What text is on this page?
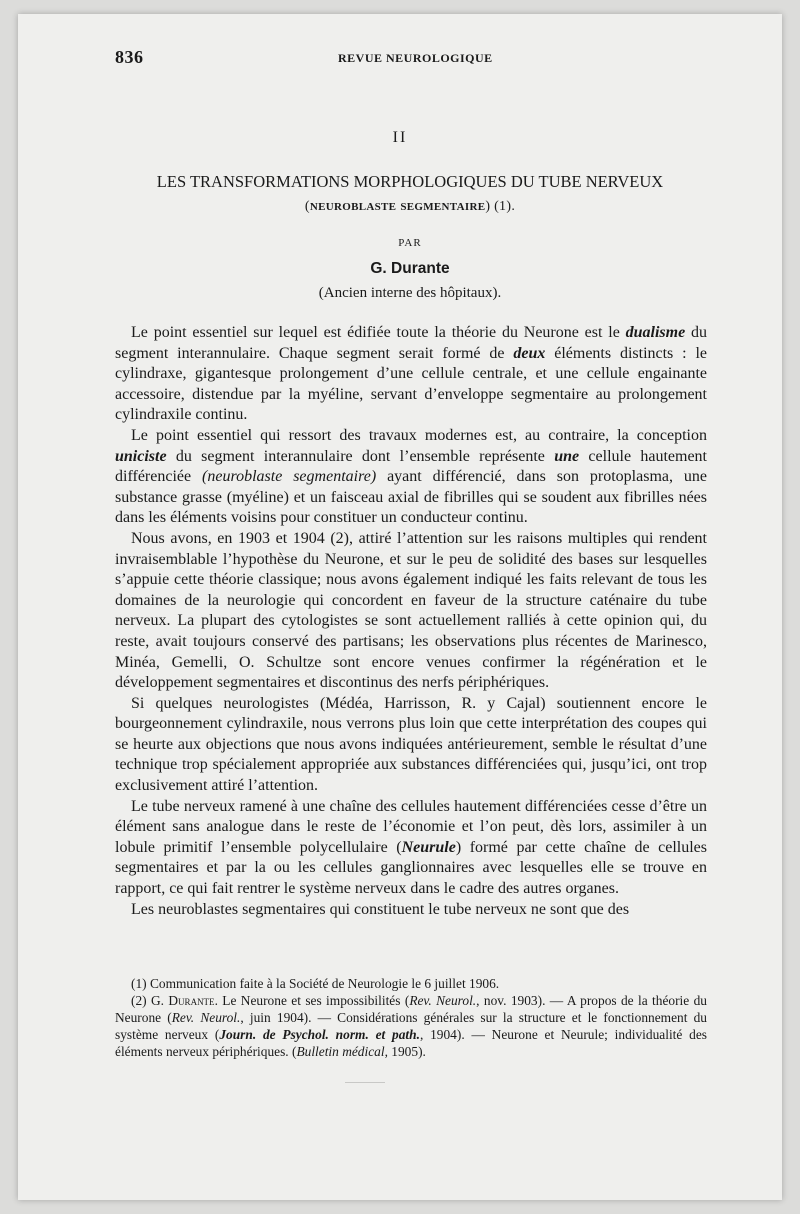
836	REVUE NEUROLOGIQUE
II
LES TRANSFORMATIONS MORPHOLOGIQUES DU TUBE NERVEUX
(neuroblaste segmentaire) (1).
PAR
G. Durante
(Ancien interne des hôpitaux).

Le point essentiel sur lequel est édifiée toute la théorie du Neurone est le dualisme du segment interannulaire. Chaque segment serait formé de deux éléments distincts : le cylindraxe, gigantesque prolongement d’une cellule centrale, et une cellule engainante accessoire, distendue par la myéline, servant d’enveloppe segmentaire au prolongement cylindraxile continu.

Le point essentiel qui ressort des travaux modernes est, au contraire, la conception uniciste du segment interannulaire dont l’ensemble représente une cellule hautement différenciée (neuroblaste segmentaire) ayant différencié, dans son protoplasma, une substance grasse (myéline) et un faisceau axial de fibrilles qui se soudent aux fibrilles nées dans les éléments voisins pour constituer un conducteur continu.

Nous avons, en 1903 et 1904 (2), attiré l’attention sur les raisons multiples qui rendent invraisemblable l’hypothèse du Neurone, et sur le peu de solidité des bases sur lesquelles s’appuie cette théorie classique; nous avons également indiqué les faits relevant de tous les domaines de la neurologie qui concordent en faveur de la structure caténaire du tube nerveux. La plupart des cytologistes se sont actuellement ralliés à cette opinion qui, du reste, avait toujours conservé des partisans; les observations plus récentes de Marinesco, Minéa, Gemelli, O. Schultze sont encore venues confirmer la régénération et le développement segmentaires et discontinus des nerfs périphériques.

Si quelques neurologistes (Médéa, Harrisson, R. y Cajal) soutiennent encore le bourgeonnement cylindraxile, nous verrons plus loin que cette interprétation des coupes qui se heurte aux objections que nous avons indiquées antérieurement, semble le résultat d’une technique trop spécialement appropriée aux substances différenciées qui, jusqu’ici, ont trop exclusivement attiré l’attention.

Le tube nerveux ramené à une chaîne des cellules hautement différenciées cesse d’être un élément sans analogue dans le reste de l’économie et l’on peut, dès lors, assimiler à un lobule primitif l’ensemble polycellulaire (Neurule) formé par cette chaîne de cellules segmentaires et par la ou les cellules ganglionnaires avec lesquelles elle se trouve en rapport, ce qui fait rentrer le système nerveux dans le cadre des autres organes.

Les neuroblastes segmentaires qui constituent le tube nerveux ne sont que des

(1) Communication faite à la Société de Neurologie le 6 juillet 1906.

(2) G. Durante. Le Neurone et ses impossibilités (Rev. Neurol., nov. 1903). — A propos de la théorie du Neurone (Rev. Neurol., juin 1904). — Considérations générales sur la structure et le fonctionnement du système nerveux (Journ. de Psychol. norm. et path., 1904). — Neurone et Neurule; individualité des éléments nerveux périphériques. (Bulletin médical, 1905).
